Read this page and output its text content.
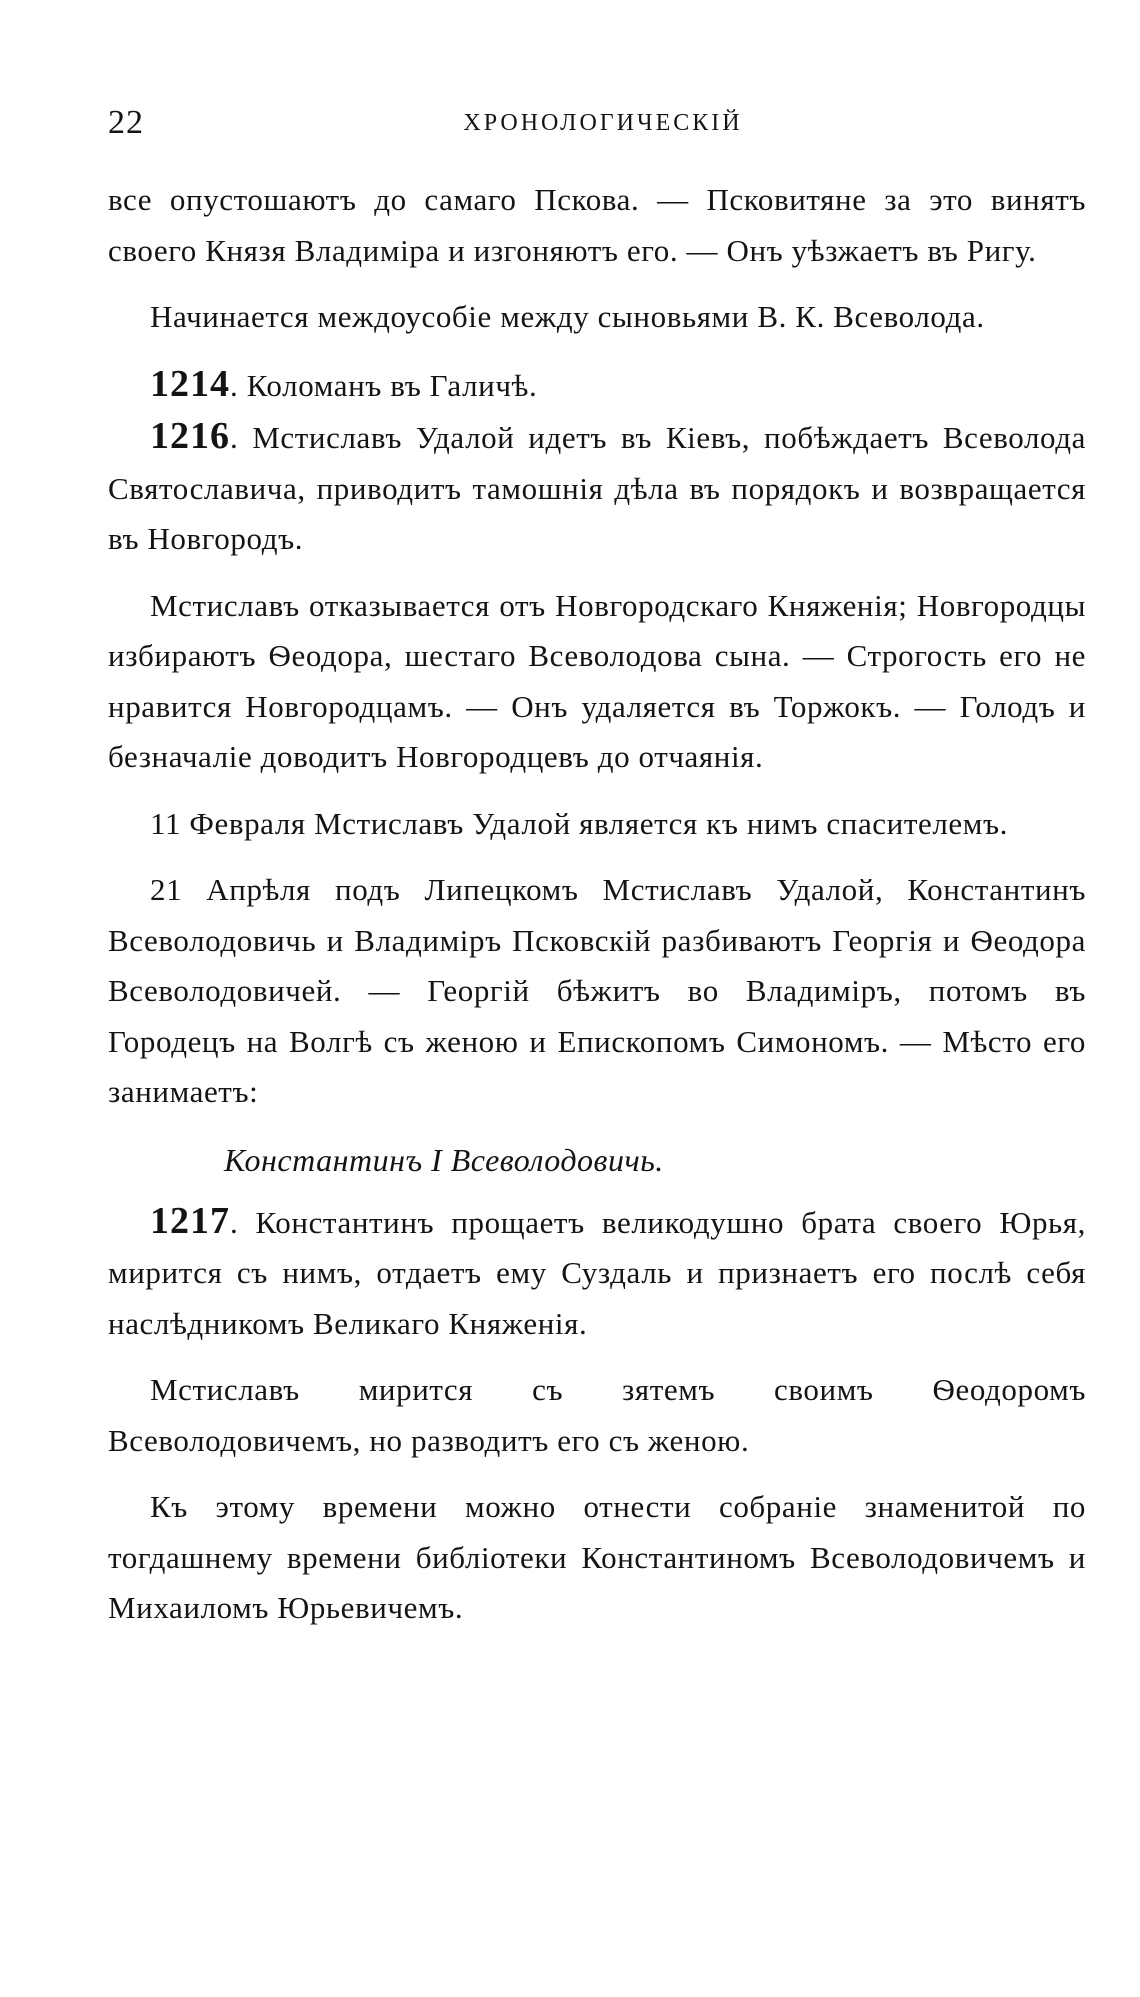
22	ХРОНОЛОГИЧЕСКІЙ

все опустошаютъ до самаго Пскова. — Псковитяне за это винятъ своего Князя Владиміра и изгоняютъ его. — Онъ уѣзжаетъ въ Ригу.

Начинается междоусобіе между сыновьями В. К. Всеволода.

1214. Коломанъ въ Галичѣ.

1216. Мстиславъ Удалой идетъ въ Кіевъ, побѣждаетъ Всеволода Святославича, приводитъ тамошнія дѣла въ порядокъ и возвращается въ Новгородъ.

Мстиславъ отказывается отъ Новгородскаго Княженія; Новгородцы избираютъ Ѳеодора, шестаго Всеволодова сына. — Строгость его не нравится Новгородцамъ. — Онъ удаляется въ Торжокъ. — Голодъ и безначаліе доводитъ Новгородцевъ до отчаянія.

11 Февраля Мстиславъ Удалой является къ нимъ спасителемъ.

21 Апрѣля подъ Липецкомъ Мстиславъ Удалой, Константинъ Всеволодовичь и Владиміръ Псковскій разбиваютъ Георгія и Ѳеодора Всеволодовичей. — Георгій бѣжитъ во Владиміръ, потомъ въ Городецъ на Волгѣ съ женою и Епископомъ Симономъ. — Мѣсто его занимаетъ:

Константинъ I Всеволодовичь.

1217. Константинъ прощаетъ великодушно брата своего Юрья, мирится съ нимъ, отдаетъ ему Суздаль и признаетъ его послѣ себя наслѣдникомъ Великаго Княженія.

Мстиславъ мирится съ зятемъ своимъ Ѳеодоромъ Всеволодовичемъ, но разводитъ его съ женою.

Къ этому времени можно отнести собраніе знаменитой по тогдашнему времени библіотеки Константиномъ Всеволодовичемъ и Михаиломъ Юрьевичемъ.
